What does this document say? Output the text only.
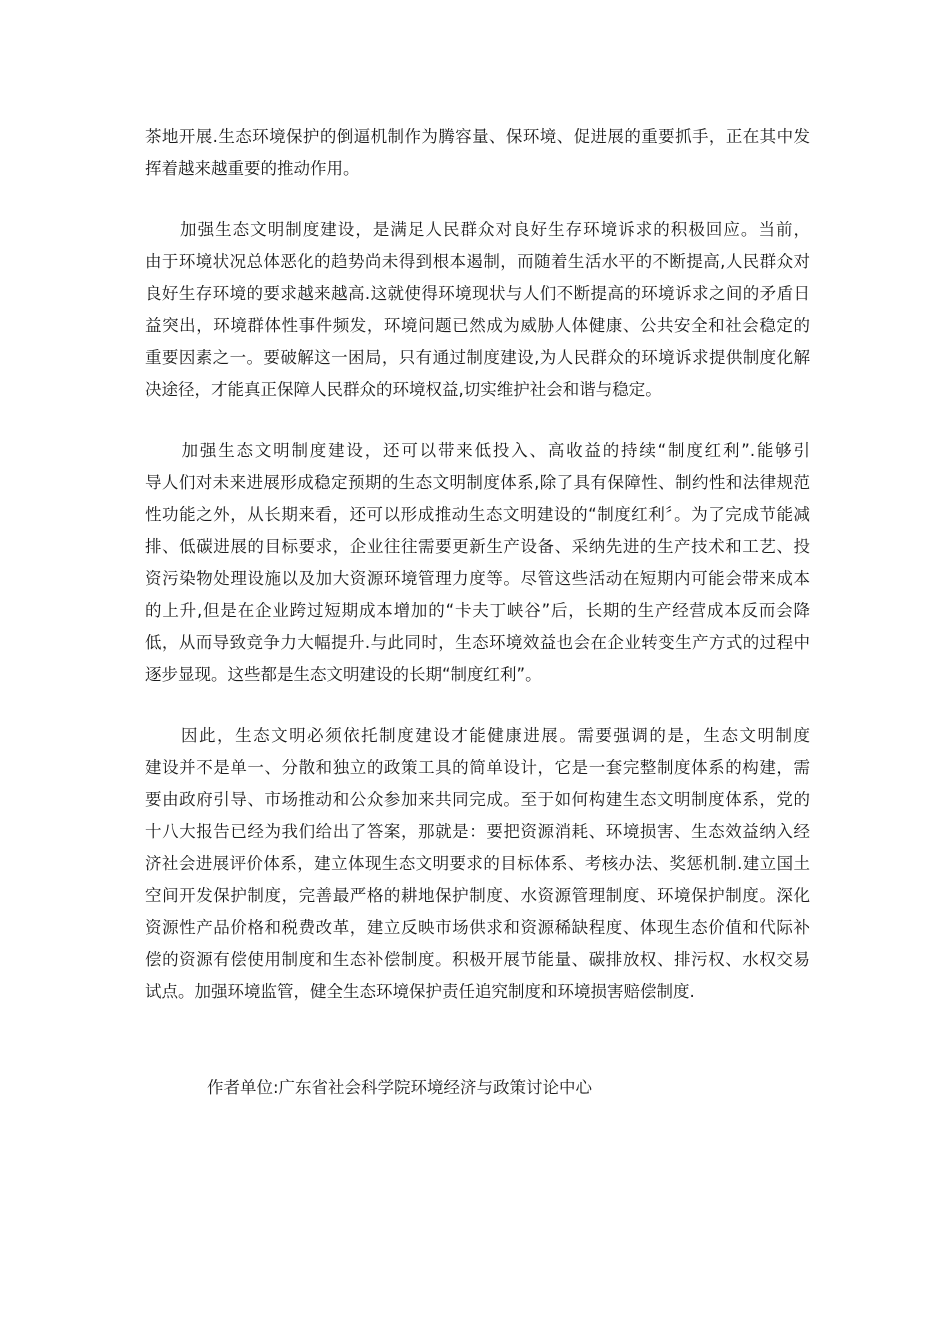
茶地开展.生态环境保护的倒逼机制作为腾容量、保环境、促进展的重要抓手，正在其中发
挥着越来越重要的推动作用。
　　加强生态文明制度建设，是满足人民群众对良好生存环境诉求的积极回应。当前，
由于环境状况总体恶化的趋势尚未得到根本遏制，而随着生活水平的不断提高,人民群众对
良好生存环境的要求越来越高.这就使得环境现状与人们不断提高的环境诉求之间的矛盾日
益突出，环境群体性事件频发，环境问题已然成为威胁人体健康、公共安全和社会稳定的
重要因素之一。要破解这一困局，只有通过制度建设,为人民群众的环境诉求提供制度化解
决途径，才能真正保障人民群众的环境权益,切实维护社会和谐与稳定。
　　加强生态文明制度建设，还可以带来低投入、高收益的持续“制度红利”.能够引
导人们对未来进展形成稳定预期的生态文明制度体系,除了具有保障性、制约性和法律规范
性功能之外，从长期来看，还可以形成推动生态文明建设的“制度红利〞。为了完成节能减
排、低碳进展的目标要求，企业往往需要更新生产设备、采纳先进的生产技术和工艺、投
资污染物处理设施以及加大资源环境管理力度等。尽管这些活动在短期内可能会带来成本
的上升,但是在企业跨过短期成本增加的“卡夫丁峡谷”后，长期的生产经营成本反而会降
低，从而导致竞争力大幅提升.与此同时，生态环境效益也会在企业转变生产方式的过程中
逐步显现。这些都是生态文明建设的长期“制度红利”。
　　因此，生态文明必须依托制度建设才能健康进展。需要强调的是，生态文明制度
建设并不是单一、分散和独立的政策工具的简单设计，它是一套完整制度体系的构建，需
要由政府引导、市场推动和公众参加来共同完成。至于如何构建生态文明制度体系，党的
十八大报告已经为我们给出了答案，那就是：要把资源消耗、环境损害、生态效益纳入经
济社会进展评价体系，建立体现生态文明要求的目标体系、考核办法、奖惩机制.建立国土
空间开发保护制度，完善最严格的耕地保护制度、水资源管理制度、环境保护制度。深化
资源性产品价格和税费改革，建立反映市场供求和资源稀缺程度、体现生态价值和代际补
偿的资源有偿使用制度和生态补偿制度。积极开展节能量、碳排放权、排污权、水权交易
试点。加强环境监管，健全生态环境保护责任追究制度和环境损害赔偿制度.
作者单位:广东省社会科学院环境经济与政策讨论中心
